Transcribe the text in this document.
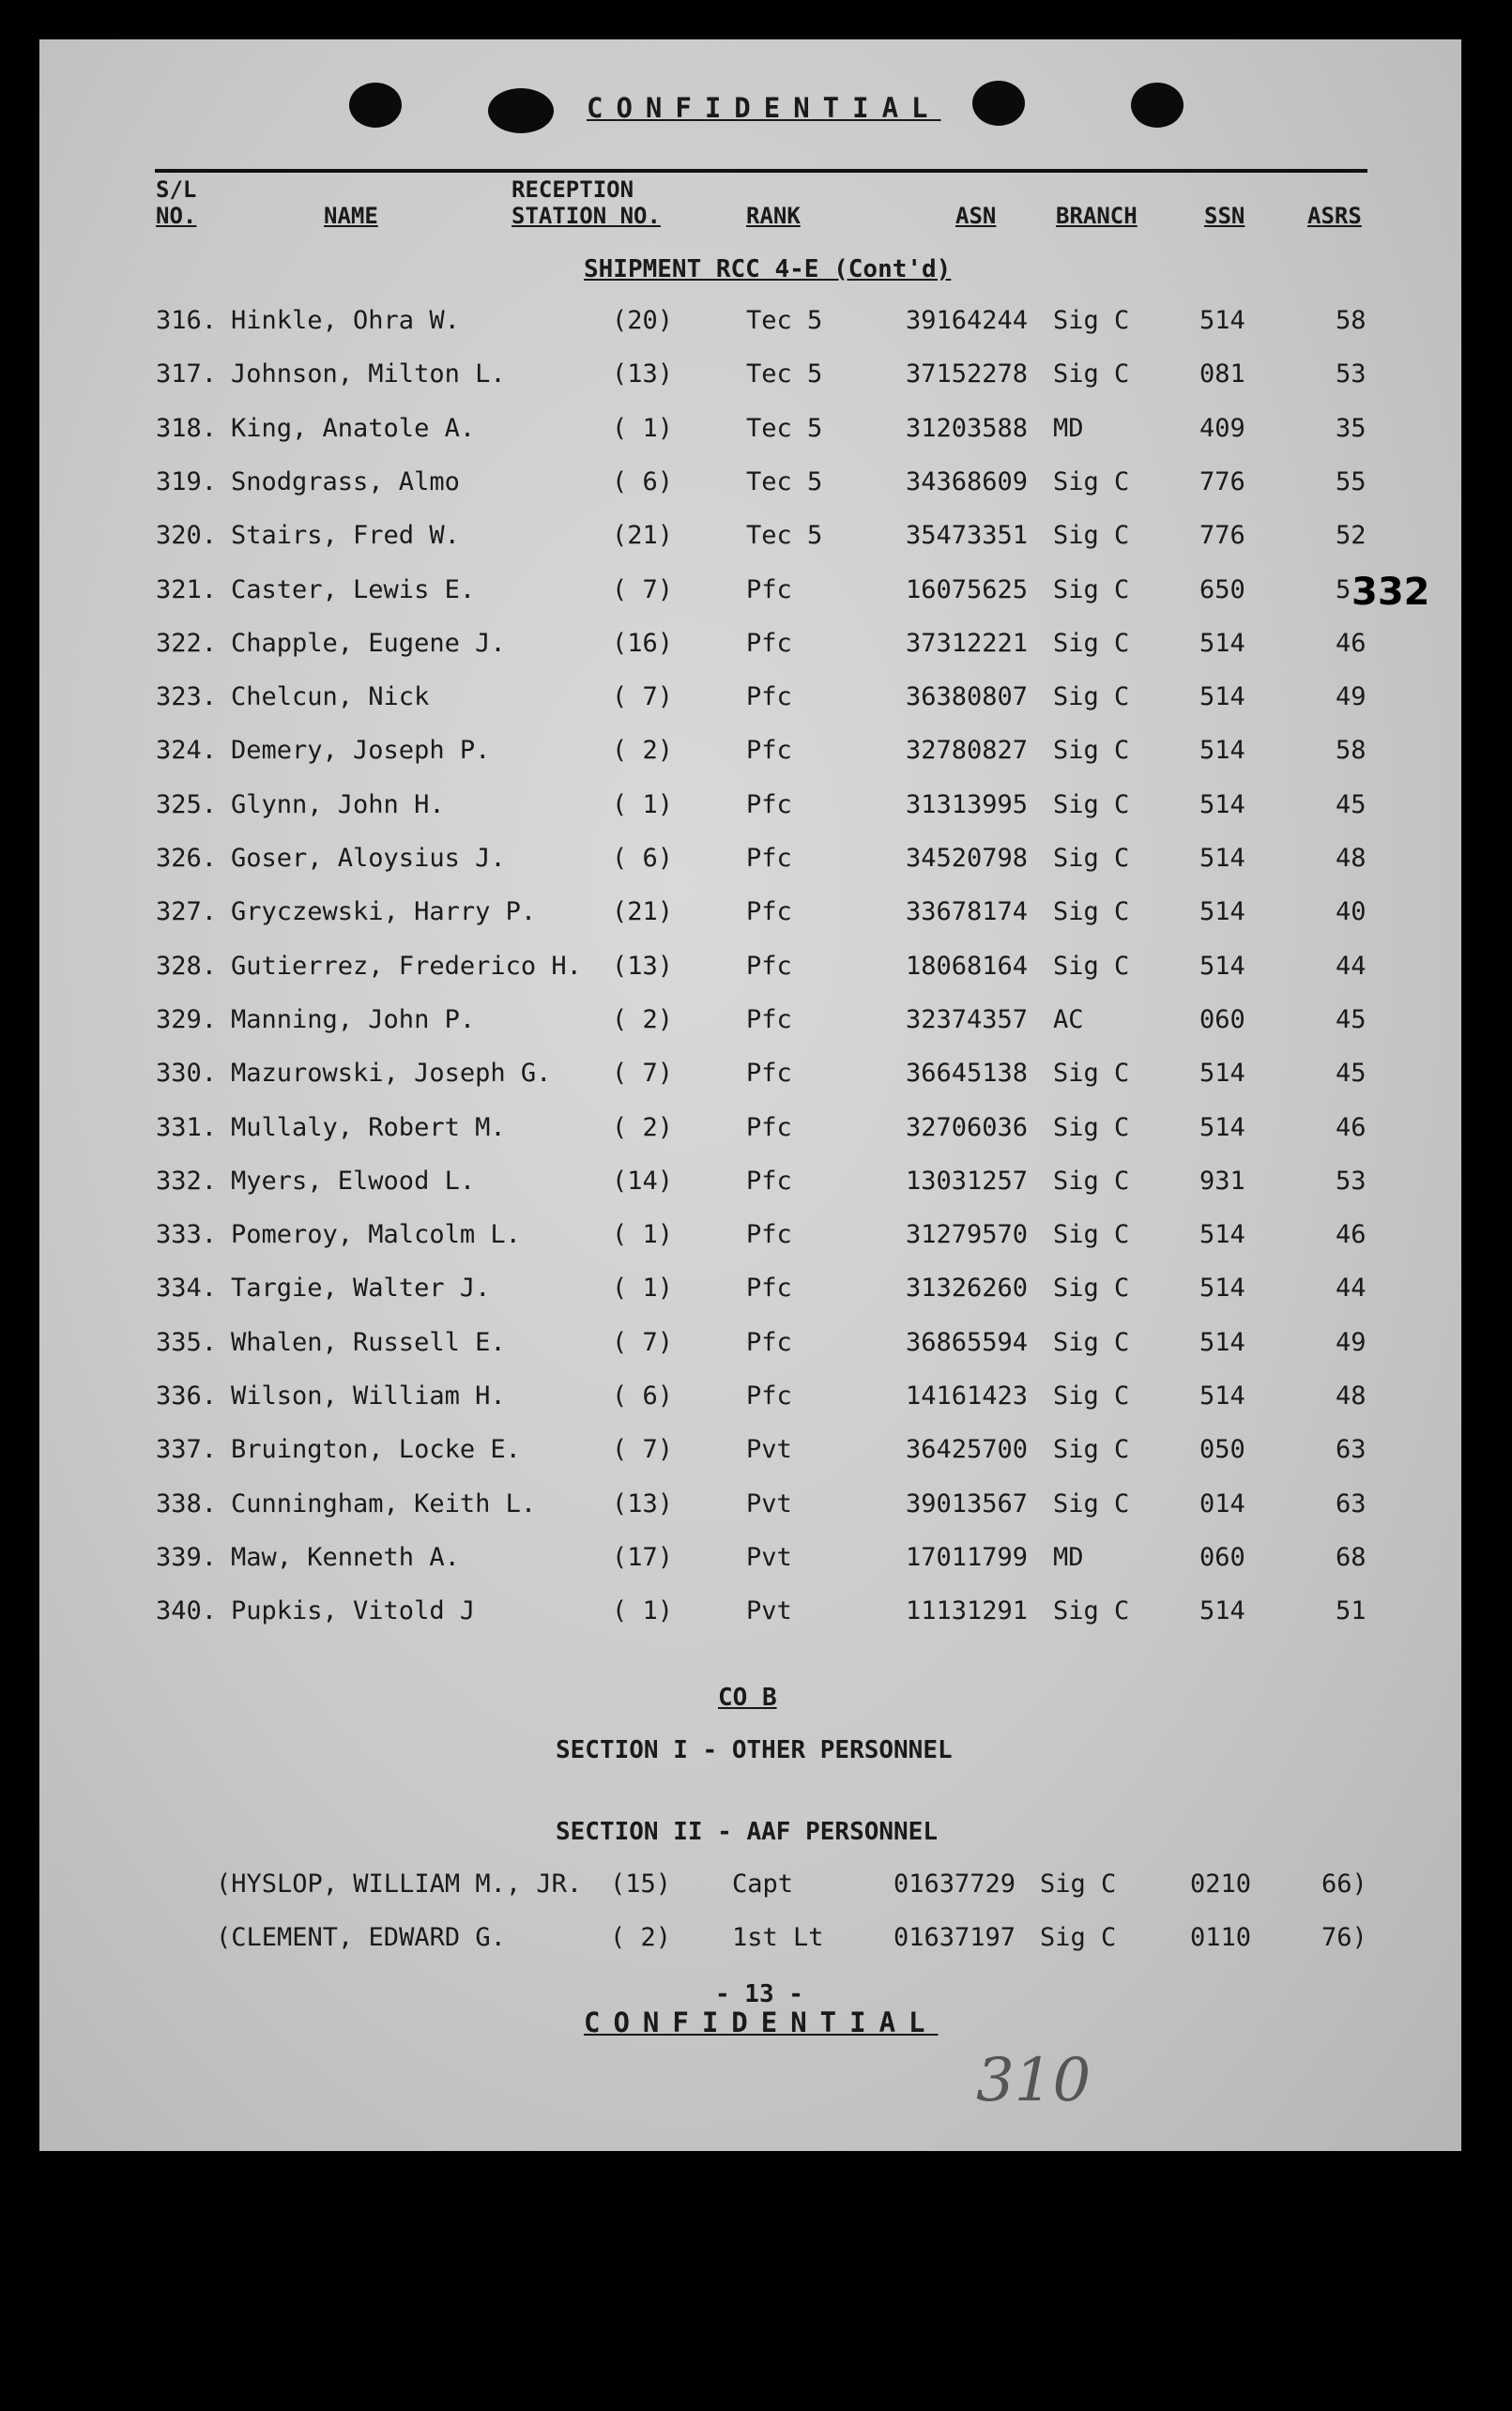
CONFIDENTIAL
S/L
NO.	NAME
RECEPTION
STATION NO.	RANK	ASN	BRANCH	SSN	ASRS
SHIPMENT RCC 4-E (Cont'd)
332
316. Hinkle, Ohra W.	(20)	Tec 5	39164244 Sig C	514	58
317. Johnson, Milton L.	(13)	Tec 5	37152278 Sig C	081	53
318. King, Anatole A.	( 1)	Tec 5	31203588 MD	409	35
319. Snodgrass, Almo	( 6)	Tec 5	34368609 Sig C	776	55
320. Stairs, Fred W.	(21)	Tec 5	35473351 Sig C	776	52
321. Caster, Lewis E.	( 7)	Pfc	16075625 Sig C	650	5
322. Chapple, Eugene J.	(16)	Pfc	37312221 Sig C	514	46
323. Chelcun, Nick	( 7)	Pfc	36380807 Sig C	514	49
324. Demery, Joseph P.	( 2)	Pfc	32780827 Sig C	514	58
325. Glynn, John H.	( 1)	Pfc	31313995 Sig C	514	45
326. Goser, Aloysius J.	( 6)	Pfc	34520798 Sig C	514	48
327. Gryczewski, Harry P.	(21)	Pfc	33678174 Sig C	514	40
328. Gutierrez, Frederico H. (13)	Pfc	18068164 Sig C	514	44
329. Manning, John P.	( 2)	Pfc	32374357 AC	060	45
330. Mazurowski, Joseph G. ( 7)	Pfc	36645138 Sig C	514	45
331. Mullaly, Robert M.	( 2)	Pfc	32706036 Sig C	514	46
332. Myers, Elwood L.	(14)	Pfc	13031257 Sig C	931	53
333. Pomeroy, Malcolm L.	( 1)	Pfc	31279570 Sig C	514	46
334. Targie, Walter J.	( 1)	Pfc	31326260 Sig C	514	44
335. Whalen, Russell E.	( 7)	Pfc	36865594 Sig C	514	49
336. Wilson, William H.	( 6)	Pfc	14161423 Sig C	514	48
337. Bruington, Locke E.	( 7)	Pvt	36425700 Sig C	050	63
338. Cunningham, Keith L.	(13)	Pvt	39013567 Sig C	014	63
339. Maw, Kenneth A.	(17)	Pvt	17011799 MD	060	68
340. Pupkis, Vitold J	( 1)	Pvt	11131291 Sig C	514	51
CO B
SECTION I - OTHER PERSONNEL
SECTION II - AAF PERSONNEL
(HYSLOP, WILLIAM M., JR. (15) Capt	01637729 Sig C	0210	66)
(CLEMENT, EDWARD G.	( 2) 1st Lt	01637197 Sig C	0110	76)
- 13 -
CONFIDENTIAL
310
